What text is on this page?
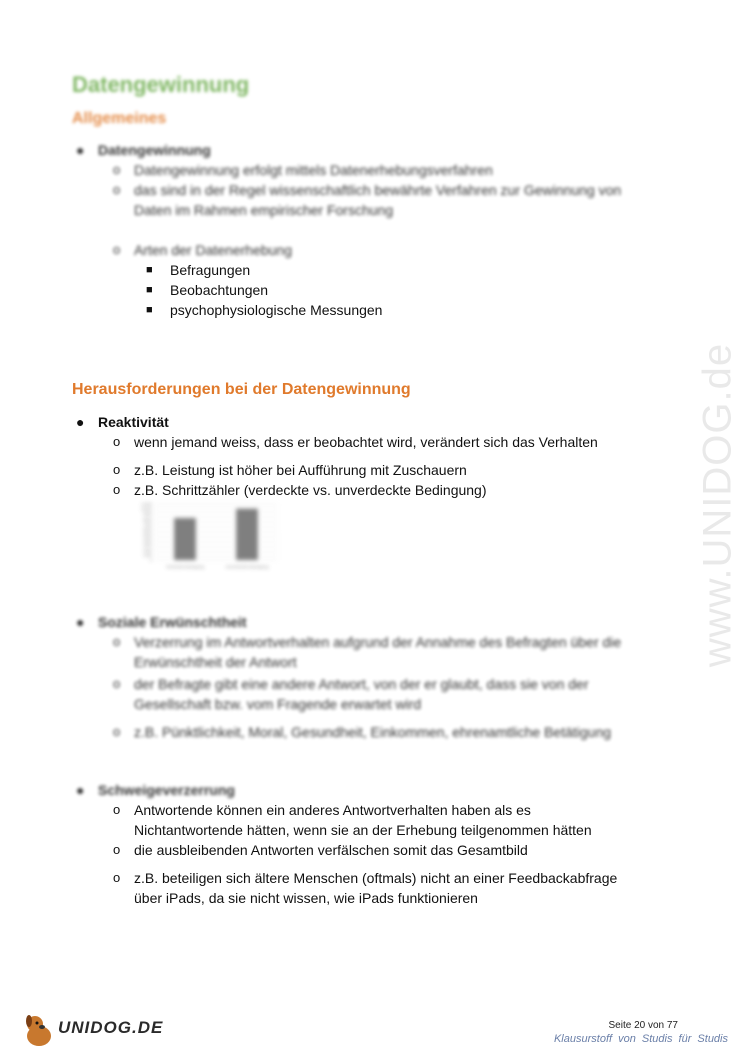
www.UNIDOG.de
Datengewinnung
Allgemeines
● Datengewinnung
o Datengewinnung erfolgt mittels Datenerhebungsverfahren
o das sind in der Regel wissenschaftlich bewährte Verfahren zur Gewinnung von
Daten im Rahmen empirischer Forschung
o Arten der Datenerhebung
■ Befragungen
■ Beobachtungen
■ psychophysiologische Messungen
Herausforderungen bei der Datengewinnung
● Reaktivität
o wenn jemand weiss, dass er beobachtet wird, verändert sich das Verhalten
o z.B. Leistung ist höher bei Aufführung mit Zuschauern
o z.B. Schrittzähler (verdeckte vs. unverdeckte Bedingung)
11000
10000
9000
8000
7000
6000
5000
4000
3000
2000
1000
0
Verdeckte Bedingung	Unverdeckte Bedingung
● Soziale Erwünschtheit
o Verzerrung im Antwortverhalten aufgrund der Annahme des Befragten über die
Erwünschtheit der Antwort
o der Befragte gibt eine andere Antwort, von der er glaubt, dass sie von der
Gesellschaft bzw. vom Fragende erwartet wird
o z.B. Pünktlichkeit, Moral, Gesundheit, Einkommen, ehrenamtliche Betätigung
● Schweigeverzerrung
o Antwortende können ein anderes Antwortverhalten haben als es
Nichtantwortende hätten, wenn sie an der Erhebung teilgenommen hätten
o die ausbleibenden Antworten verfälschen somit das Gesamtbild
o z.B. beteiligen sich ältere Menschen (oftmals) nicht an einer Feedbackabfrage
über iPads, da sie nicht wissen, wie iPads funktionieren
UNIDOG.DE	Seite 20 von 77
Klausurstoff von Studis für Studis
